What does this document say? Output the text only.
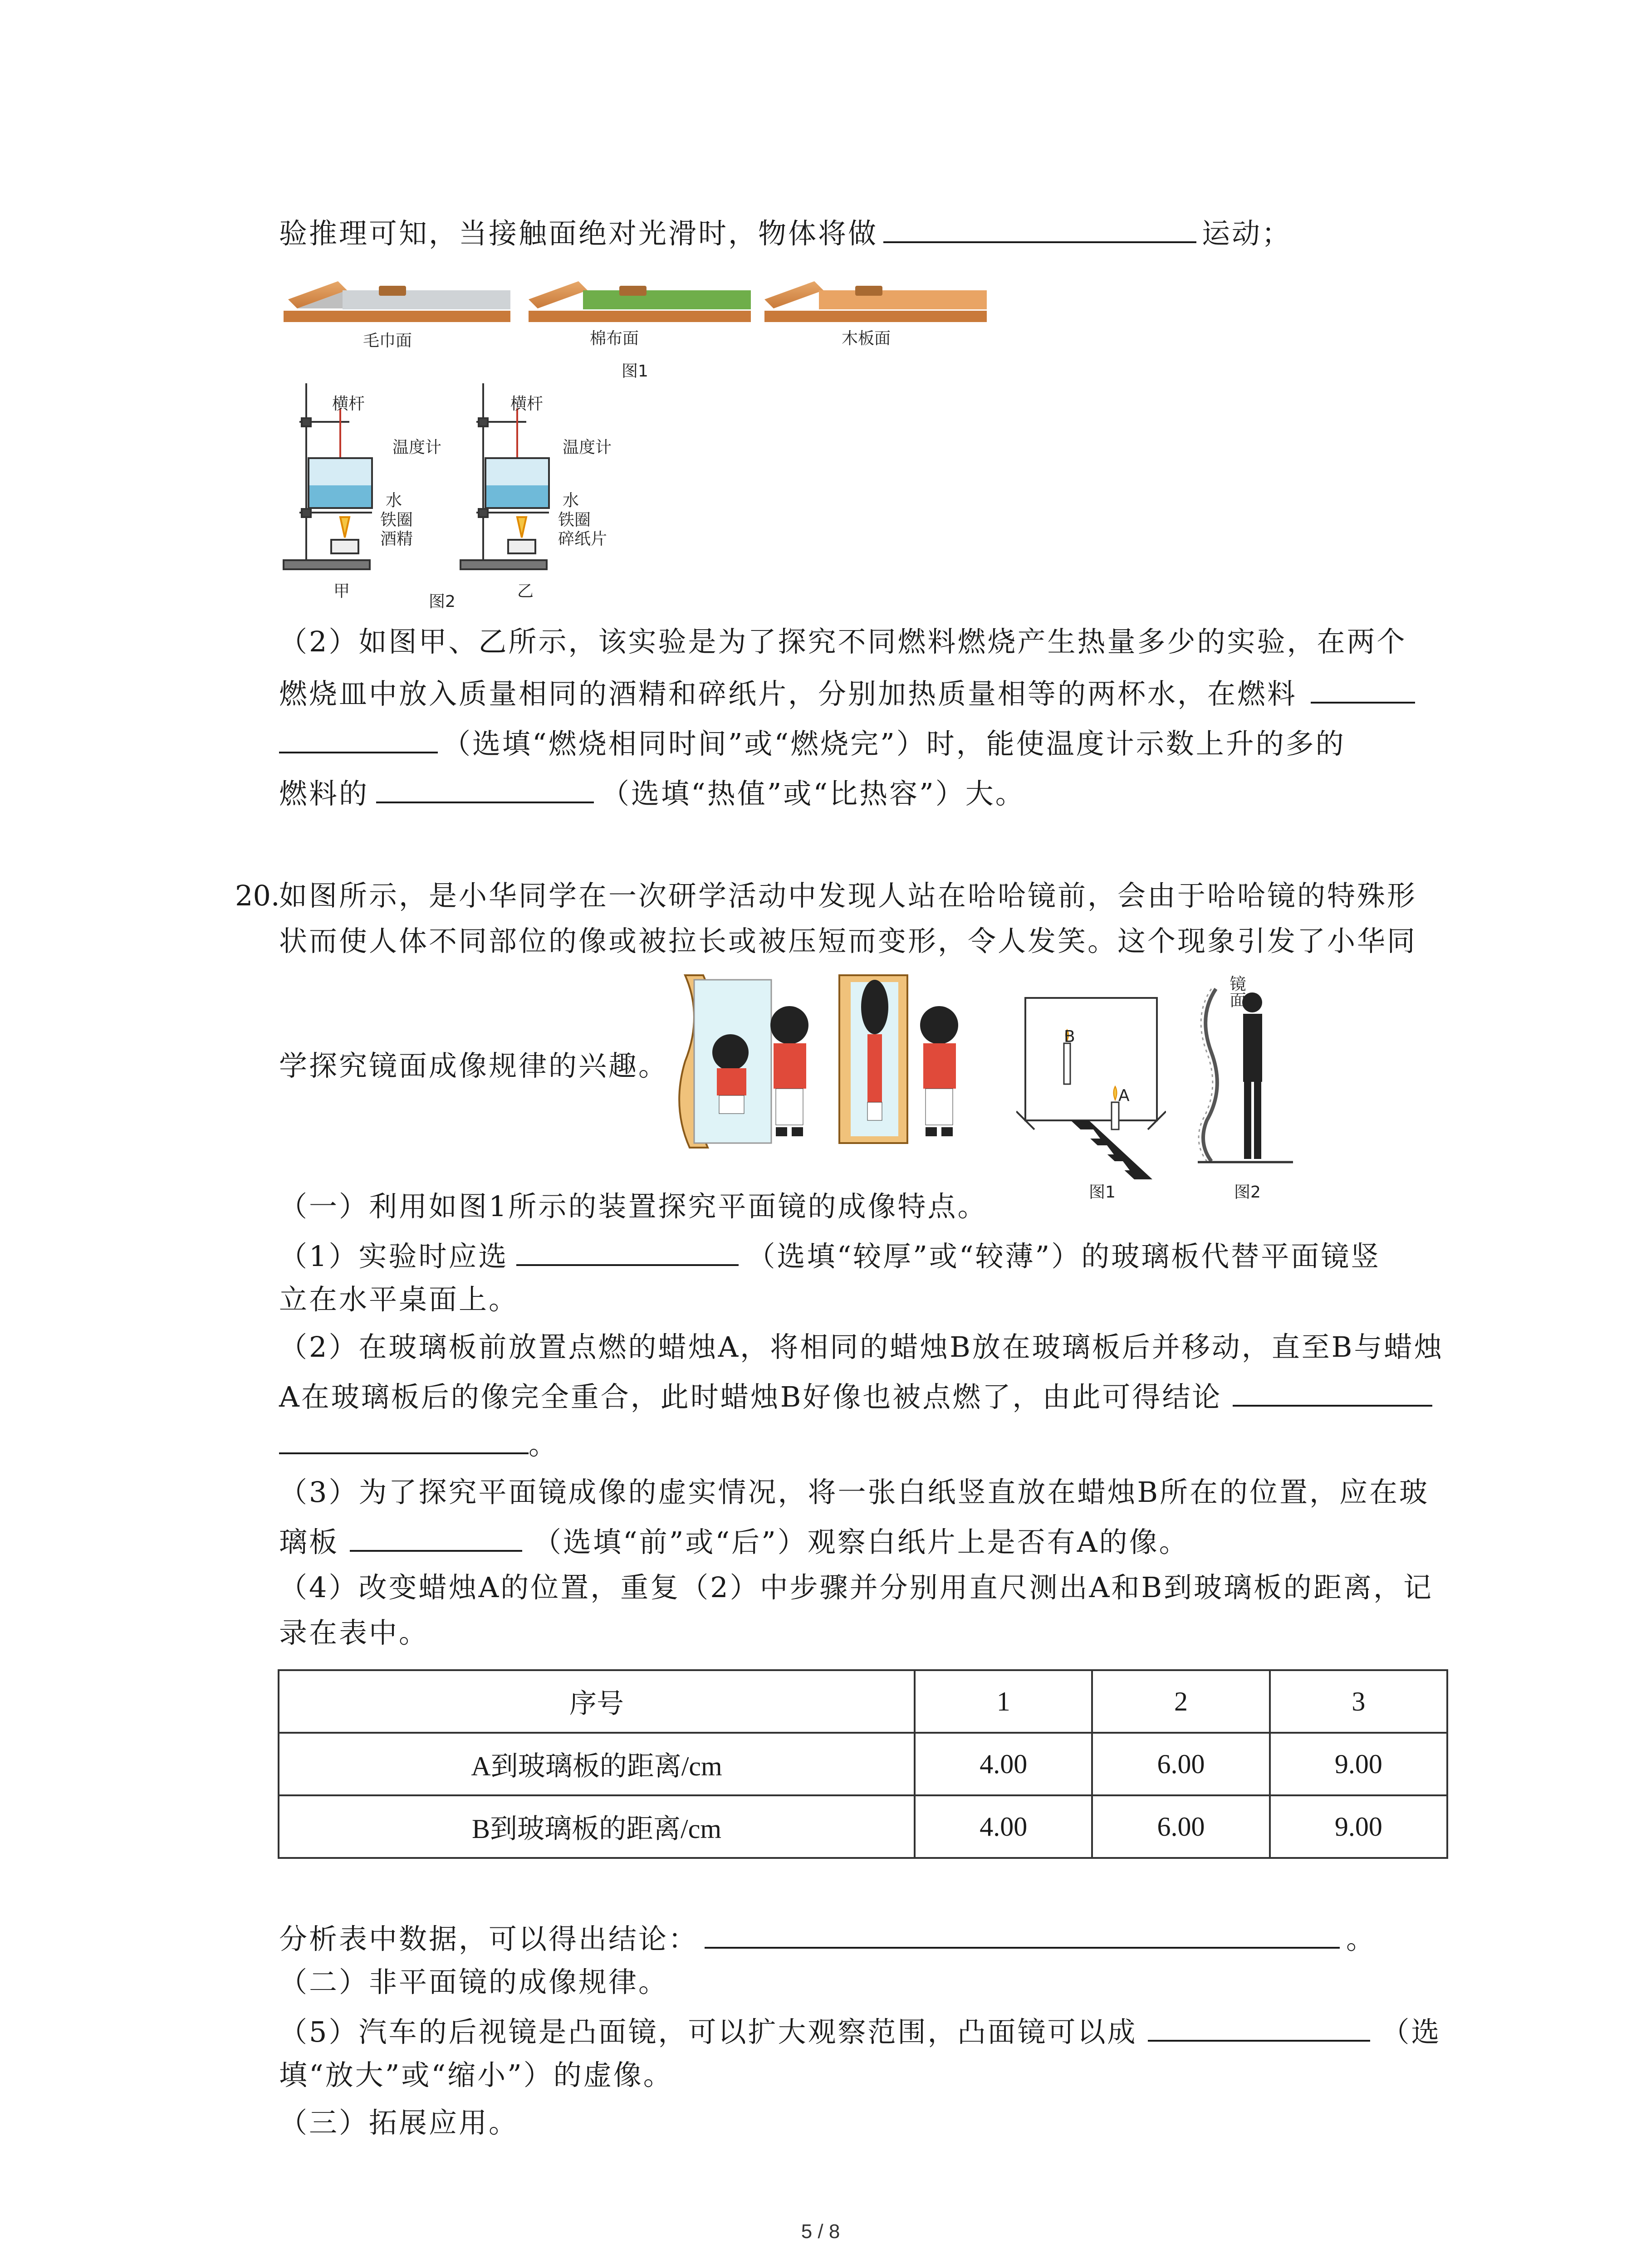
验推理可知，当接触面绝对光滑时，物体将做	运动；
毛巾面	棉布面	木板面
图1
横杆
温度计
水
铁圈
酒精
横杆
温度计
水
铁圈
碎纸片
甲
图2
乙
（2）如图甲、乙所示，该实验是为了探究不同燃料燃烧产生热量多少的实验，在两个
燃烧皿中放入质量相同的酒精和碎纸片，分别加热质量相等的两杯水，在燃料
（选填“燃烧相同时间”或“燃烧完”）时，能使温度计示数上升的多的
燃料的	（选填“热值”或“比热容”）大。
20.
如图所示，是小华同学在一次研学活动中发现人站在哈哈镜前，会由于哈哈镜的特殊形
状而使人体不同部位的像或被拉长或被压短而变形，令人发笑。这个现象引发了小华同
学探究镜面成像规律的兴趣。
B
A
图1
镜面
图2
（一）利用如图1所示的装置探究平面镜的成像特点。
（1）实验时应选	（选填“较厚”或“较薄”）的玻璃板代替平面镜竖
立在水平桌面上。
（2）在玻璃板前放置点燃的蜡烛A，将相同的蜡烛B放在玻璃板后并移动，直至B与蜡烛
A在玻璃板后的像完全重合，此时蜡烛B好像也被点燃了，由此可得结论
。
（3）为了探究平面镜成像的虚实情况，将一张白纸竖直放在蜡烛B所在的位置，应在玻
璃板	（选填“前”或“后”）观察白纸片上是否有A的像。
（4）改变蜡烛A的位置，重复（2）中步骤并分别用直尺测出A和B到玻璃板的距离，记
录在表中。
序号	1	2	3
A到玻璃板的距离/cm	4.00	6.00	9.00
B到玻璃板的距离/cm	4.00	6.00	9.00
分析表中数据，可以得出结论：	。
（二）非平面镜的成像规律。
（5）汽车的后视镜是凸面镜，可以扩大观察范围，凸面镜可以成	（选
填“放大”或“缩小”）的虚像。
（三）拓展应用。
5 / 8
